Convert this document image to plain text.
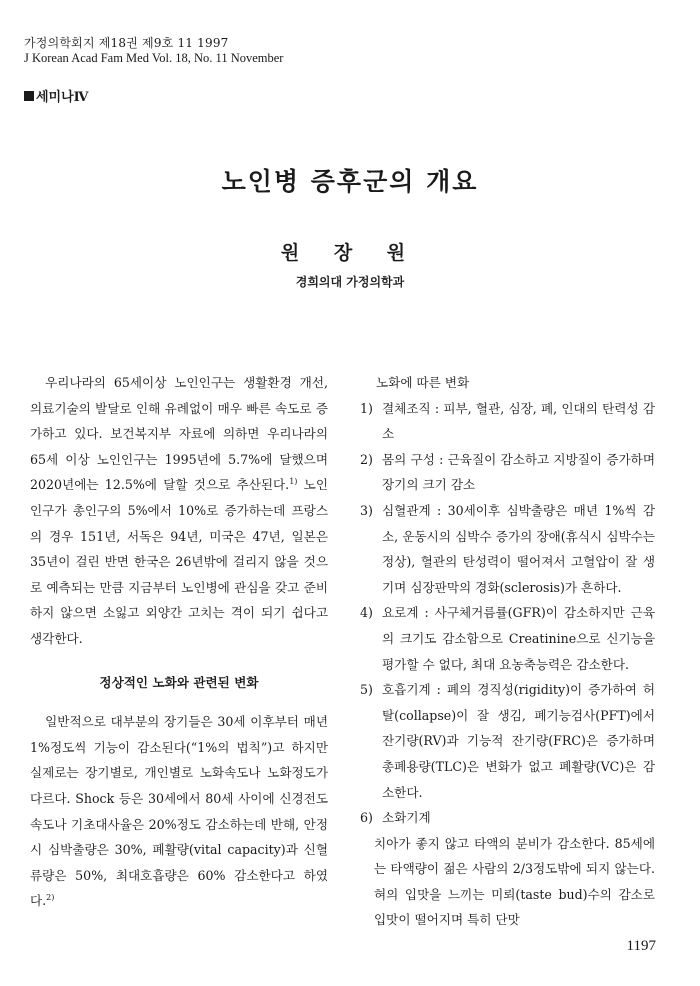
가정의학회지 제18권 제9호 11 1997
J Korean Acad Fam Med Vol. 18, No. 11 November
세미나Ⅳ
노인병 증후군의 개요
원 장 원
경희의대 가정의학과

우리나라의 65세이상 노인인구는 생활환경 개선, 의료기술의 발달로 인해 유례없이 매우 빠른 속도로 증가하고 있다. 보건복지부 자료에 의하면 우리나라의 65세 이상 노인인구는 1995년에 5.7%에 달했으며 2020년에는 12.5%에 달할 것으로 추산된다.$^{1)}$ 노인인구가 총인구의 5%에서 10%로 증가하는데 프랑스의 경우 151년, 서독은 94년, 미국은 47년, 일본은 35년이 걸린 반면 한국은 26년밖에 걸리지 않을 것으로 예측되는 만큼 지금부터 노인병에 관심을 갖고 준비하지 않으면 소잃고 외양간 고치는 격이 되기 쉽다고 생각한다.

정상적인 노화와 관련된 변화

일반적으로 대부분의 장기들은 30세 이후부터 매년 1%정도씩 기능이 감소된다(“1%의 법칙”)고 하지만 실제로는 장기별로, 개인별로 노화속도나 노화정도가 다르다. Shock 등은 30세에서 80세 사이에 신경전도속도나 기초대사율은 20%정도 감소하는데 반해, 안정시 심박출량은 30%, 폐활량(vital capacity)과 신혈류량은 50%, 최대호흡량은 60% 감소한다고 하였다.$^{2)}$

노화에 따른 변화
1) 결체조직 : 피부, 혈관, 심장, 폐, 인대의 탄력성 감소
2) 몸의 구성 : 근육질이 감소하고 지방질이 증가하며 장기의 크기 감소
3) 심혈관계 : 30세이후 심박출량은 매년 1%씩 감소, 운동시의 심박수 증가의 장애(휴식시 심박수는 정상), 혈관의 탄성력이 떨어져서 고혈압이 잘 생기며 심장판막의 경화(sclerosis)가 흔하다.
4) 요로계 : 사구체거름률(GFR)이 감소하지만 근육의 크기도 감소함으로 Creatinine으로 신기능을 평가할 수 없다, 최대 요농축능력은 감소한다.
5) 호흡기계 : 폐의 경직성(rigidity)이 증가하여 허탈(collapse)이 잘 생김, 폐기능검사(PFT)에서 잔기량(RV)과 기능적 잔기량(FRC)은 증가하며 총폐용량(TLC)은 변화가 없고 폐활량(VC)은 감소한다.
6) 소화기계

치아가 좋지 않고 타액의 분비가 감소한다. 85세에는 타액량이 젊은 사람의 2/3정도밖에 되지 않는다. 혀의 입맛을 느끼는 미뢰(taste bud)수의 감소로 입맛이 떨어지며 특히 단맛

1197
